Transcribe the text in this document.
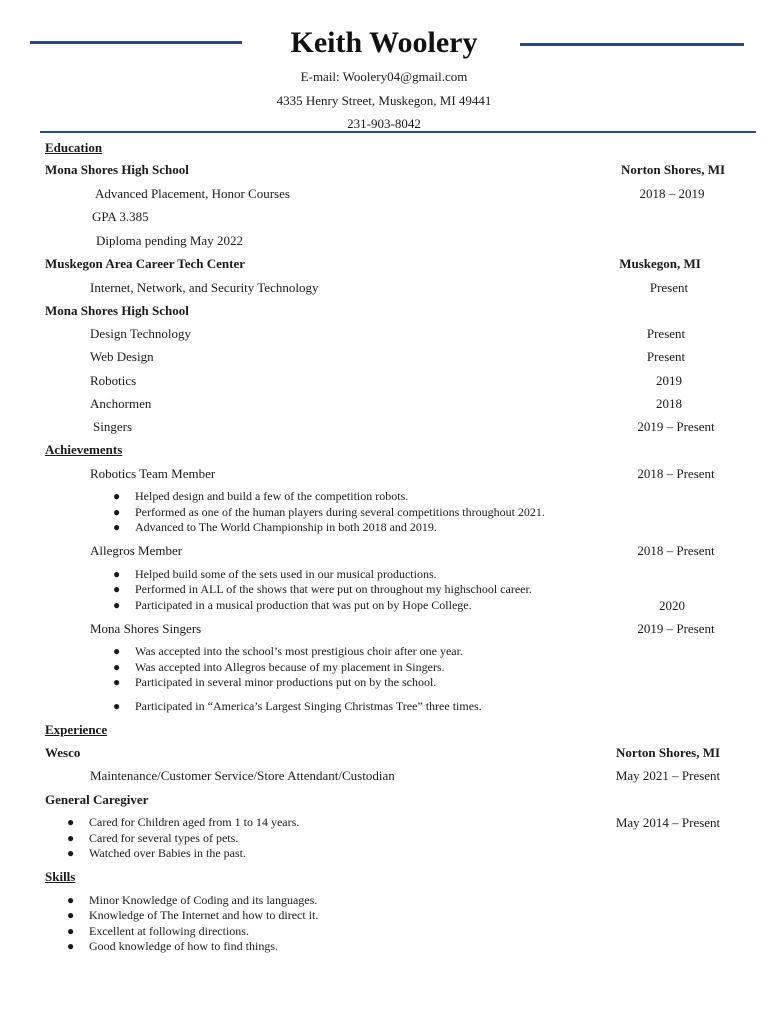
Keith Woolery
E-mail: Woolery04@gmail.com
4335 Henry Street, Muskegon, MI 49441
231-903-8042
Education
Mona Shores High School	Norton Shores, MI
Advanced Placement, Honor Courses	2018 – 2019
GPA 3.385
Diploma pending May 2022
Muskegon Area Career Tech Center	Muskegon, MI
Internet, Network, and Security Technology	Present
Mona Shores High School
Design Technology	Present
Web Design	Present
Robotics	2019
Anchormen	2018
Singers	2019 – Present
Achievements
Robotics Team Member	2018 – Present
● Helped design and build a few of the competition robots.
● Performed as one of the human players during several competitions throughout 2021.
● Advanced to The World Championship in both 2018 and 2019.
Allegros Member	2018 – Present
● Helped build some of the sets used in our musical productions.
● Performed in ALL of the shows that were put on throughout my highschool career.
● Participated in a musical production that was put on by Hope College.	2020
Mona Shores Singers	2019 – Present
● Was accepted into the school’s most prestigious choir after one year.
● Was accepted into Allegros because of my placement in Singers.
● Participated in several minor productions put on by the school.
● Participated in “America’s Largest Singing Christmas Tree” three times.
Experience
Wesco	Norton Shores, MI
Maintenance/Customer Service/Store Attendant/Custodian	May 2021 – Present
General Caregiver
● Cared for Children aged from 1 to 14 years.	May 2014 – Present
● Cared for several types of pets.
● Watched over Babies in the past.
Skills
● Minor Knowledge of Coding and its languages.
● Knowledge of The Internet and how to direct it.
● Excellent at following directions.
● Good knowledge of how to find things.
